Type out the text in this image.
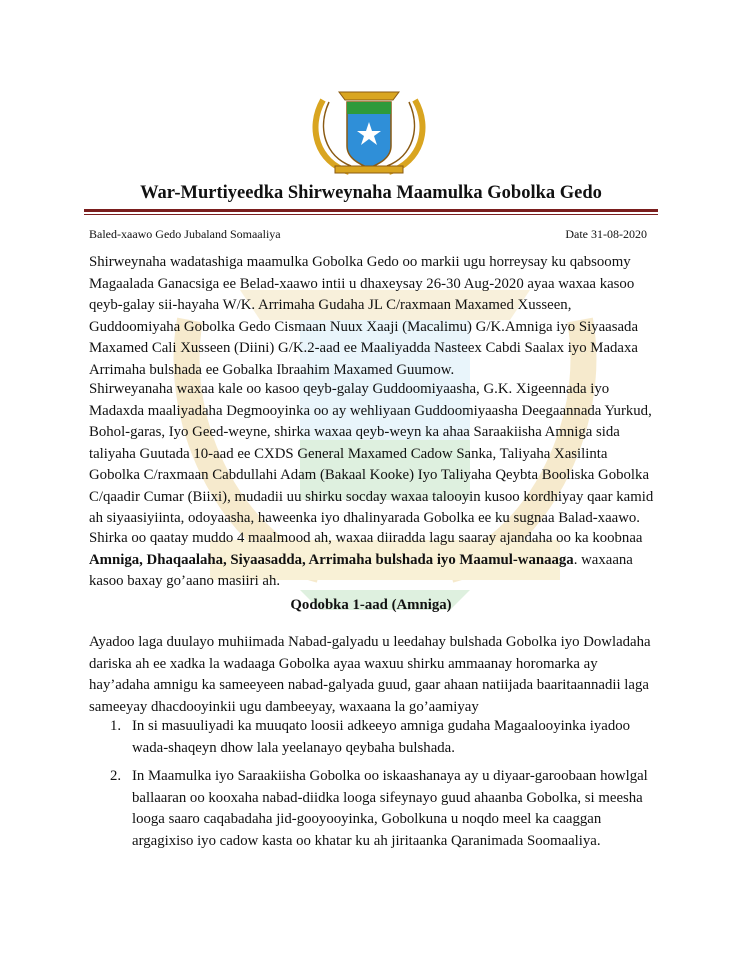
War-Murtiyeedka Shirweynaha Maamulka Gobolka Gedo
Baled-xaawo Gedo Jubaland Somaaliya	Date 31-08-2020

Shirweynaha wadatashiga maamulka Gobolka Gedo oo markii ugu horreysay ku qabsoomy Magaalada Ganacsiga ee Belad-xaawo intii u dhaxeysay 26-30 Aug-2020 ayaa waxaa kasoo qeyb-galay sii-hayaha W/K. Arrimaha Gudaha JL C/raxmaan Maxamed Xusseen, Guddoomiyaha Gobolka Gedo Cismaan Nuux Xaaji (Macalimu) G/K.Amniga iyo Siyaasada Maxamed Cali Xusseen (Diini) G/K.2-aad ee Maaliyadda Nasteex Cabdi Saalax iyo Madaxa Arrimaha bulshada ee Gobalka Ibraahim Maxamed Guumow.

Shirweyanaha waxaa kale oo kasoo qeyb-galay Guddoomiyaasha, G.K. Xigeennada iyo Madaxda maaliyadaha Degmooyinka oo ay wehliyaan Guddoomiyaasha Deegaannada Yurkud, Bohol-garas, Iyo Geed-weyne, shirka waxaa qeyb-weyn ka ahaa Saraakiisha Amniga sida taliyaha Guutada 10-aad ee CXDS General Maxamed Cadow Sanka, Taliyaha Xasilinta Gobolka C/raxmaan Cabdullahi Adam (Bakaal Kooke) Iyo Taliyaha Qeybta Booliska Gobolka C/qaadir Cumar (Biixi), mudadii uu shirku socday waxaa talooyin kusoo kordhiyay qaar kamid ah siyaasiyiinta, odoyaasha, haweenka iyo dhalinyarada Gobolka ee ku sugnaa Balad-xaawo.

Shirka oo qaatay muddo 4 maalmood ah, waxaa diiradda lagu saaray ajandaha oo ka koobnaa Amniga, Dhaqaalaha, Siyaasadda, Arrimaha bulshada iyo Maamul-wanaaga. waxaana kasoo baxay go’aano masiiri ah.

Qodobka 1-aad (Amniga)

Ayadoo laga duulayo muhiimada Nabad-galyadu u leedahay bulshada Gobolka iyo Dowladaha dariska ah ee xadka la wadaaga Gobolka ayaa waxuu shirku ammaanay horomarka ay hay’adaha amnigu ka sameeyeen nabad-galyada guud, gaar ahaan natiijada baaritaannadii laga sameeyay dhacdooyinkii ugu dambeeyay, waxaana la go’aamiyay

1. In si masuuliyadi ka muuqato loosii adkeeyo amniga gudaha Magaalooyinka iyadoo wada-shaqeyn dhow lala yeelanayo qeybaha bulshada.
2. In Maamulka iyo Saraakiisha Gobolka oo iskaashanaya ay u diyaar-garoobaan howlgal ballaaran oo kooxaha nabad-diidka looga sifeynayo guud ahaanba Gobolka, si meesha looga saaro caqabadaha jid-gooyooyinka, Gobolkuna u noqdo meel ka caaggan argagixiso iyo cadow kasta oo khatar ku ah jiritaanka Qaranimada Soomaaliya.
